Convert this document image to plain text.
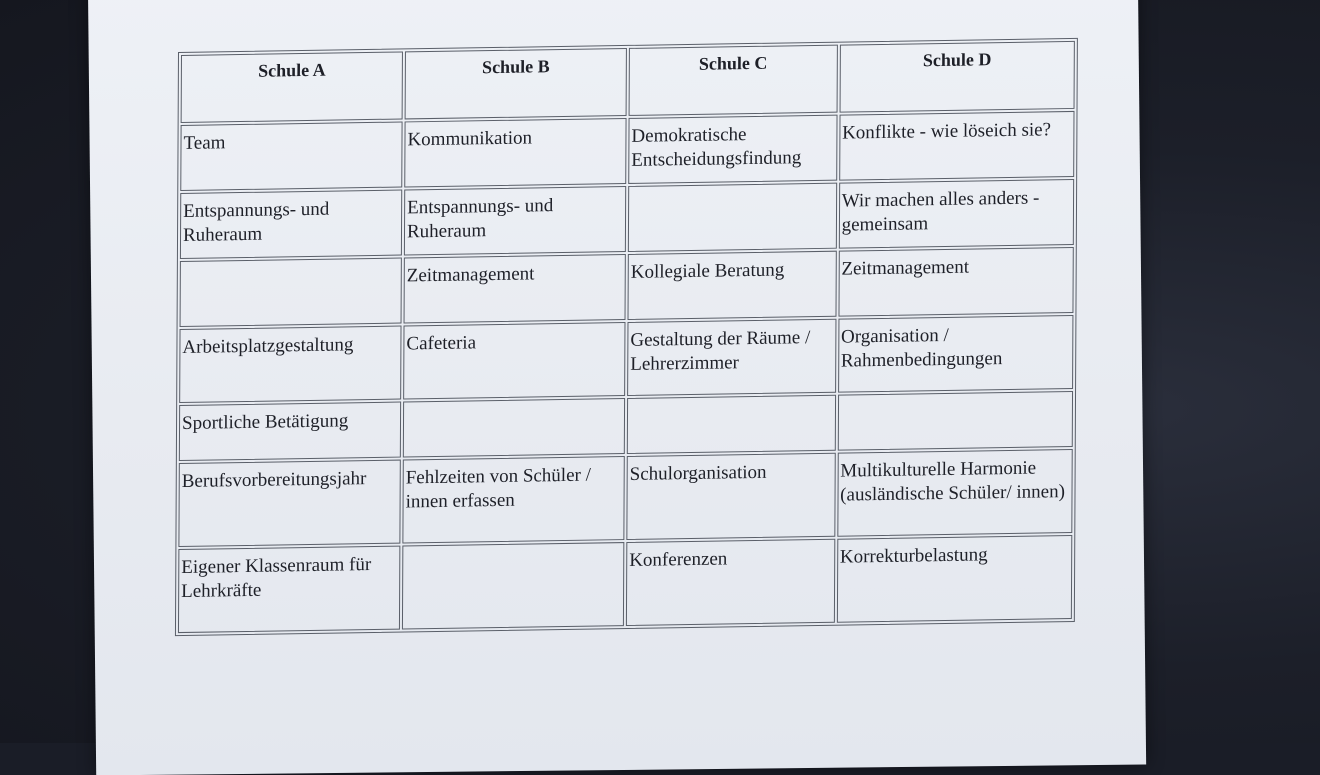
Schule A	Schule B	Schule C	Schule D
Team	Kommunikation	Demokratische Entscheidungsfindung	Konflikte - wie löseich sie?
Entspannungs- und Ruheraum	Entspannungs- und Ruheraum		Wir machen alles anders - gemeinsam
	Zeitmanagement	Kollegiale Beratung	Zeitmanagement
Arbeitsplatzgestaltung	Cafeteria	Gestaltung der Räume / Lehrerzimmer	Organisation / Rahmenbedingungen
Sportliche Betätigung			
Berufsvorbereitungsjahr	Fehlzeiten von Schüler / innen erfassen	Schulorganisation	Multikulturelle Harmonie (ausländische Schüler/ innen)
Eigener Klassenraum für Lehrkräfte		Konferenzen	Korrekturbelastung
